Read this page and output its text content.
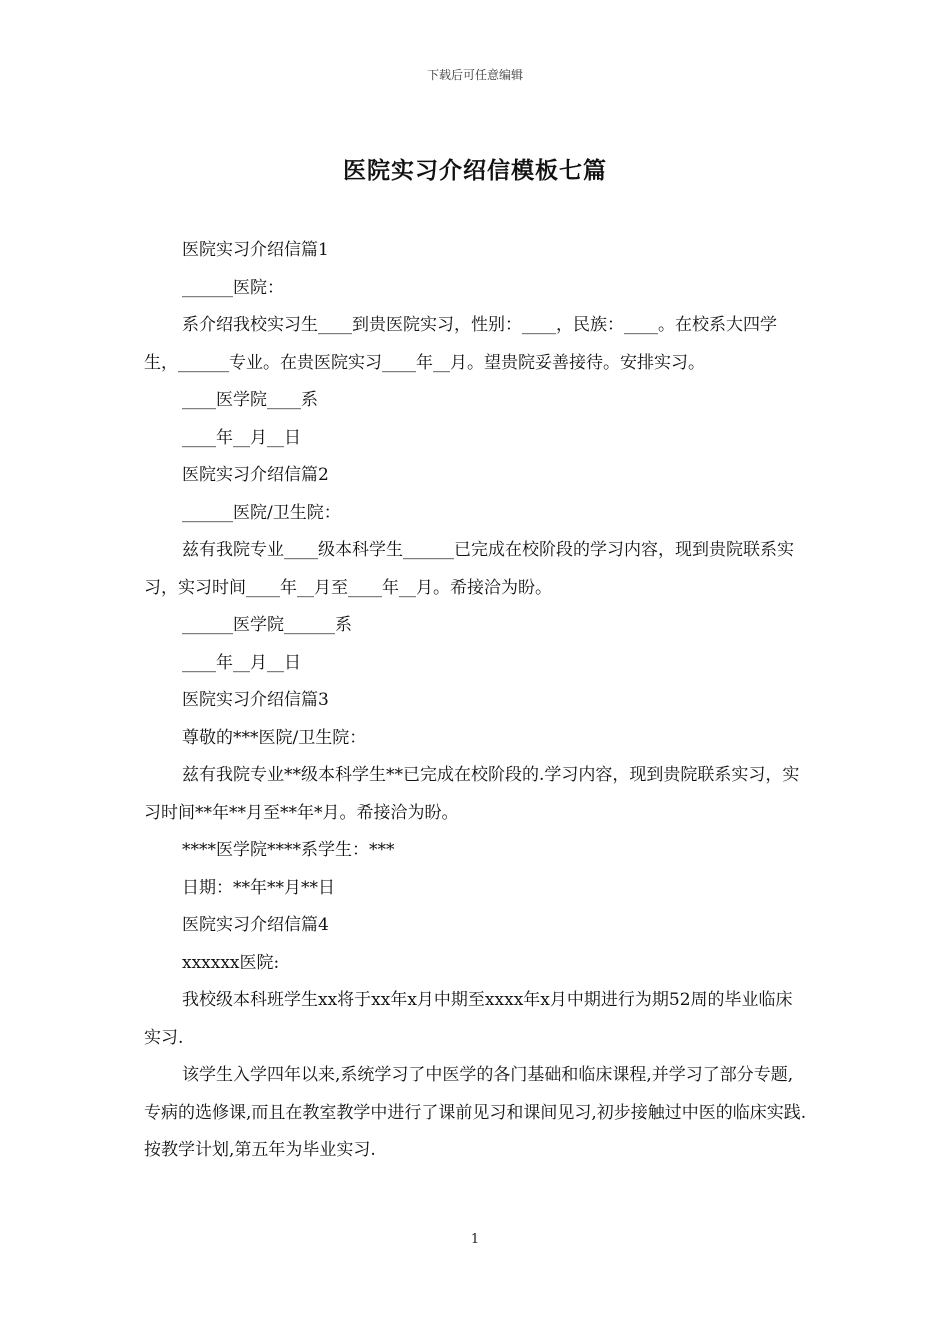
下载后可任意编辑
医院实习介绍信模板七篇

医院实习介绍信篇1

______医院：

系介绍我校实习生____到贵医院实习，性别：____，民族：____。在校系大四学生，______专业。在贵医院实习____年__月。望贵院妥善接待。安排实习。

____医学院____系

____年__月__日

医院实习介绍信篇2

______医院/卫生院：

兹有我院专业____级本科学生______已完成在校阶段的学习内容，现到贵院联系实习，实习时间____年__月至____年__月。希接洽为盼。

______医学院______系

____年__月__日

医院实习介绍信篇3

尊敬的***医院/卫生院：

兹有我院专业**级本科学生**已完成在校阶段的.学习内容，现到贵院联系实习，实习时间**年**月至**年*月。希接洽为盼。

****医学院****系学生：***

日期：**年**月**日

医院实习介绍信篇4

xxxxxx医院:

我校级本科班学生xx将于xx年x月中期至xxxx年x月中期进行为期52周的毕业临床实习.

该学生入学四年以来,系统学习了中医学的各门基础和临床课程,并学习了部分专题,专病的选修课,而且在教室教学中进行了课前见习和课间见习,初步接触过中医的临床实践.按教学计划,第五年为毕业实习.

1
